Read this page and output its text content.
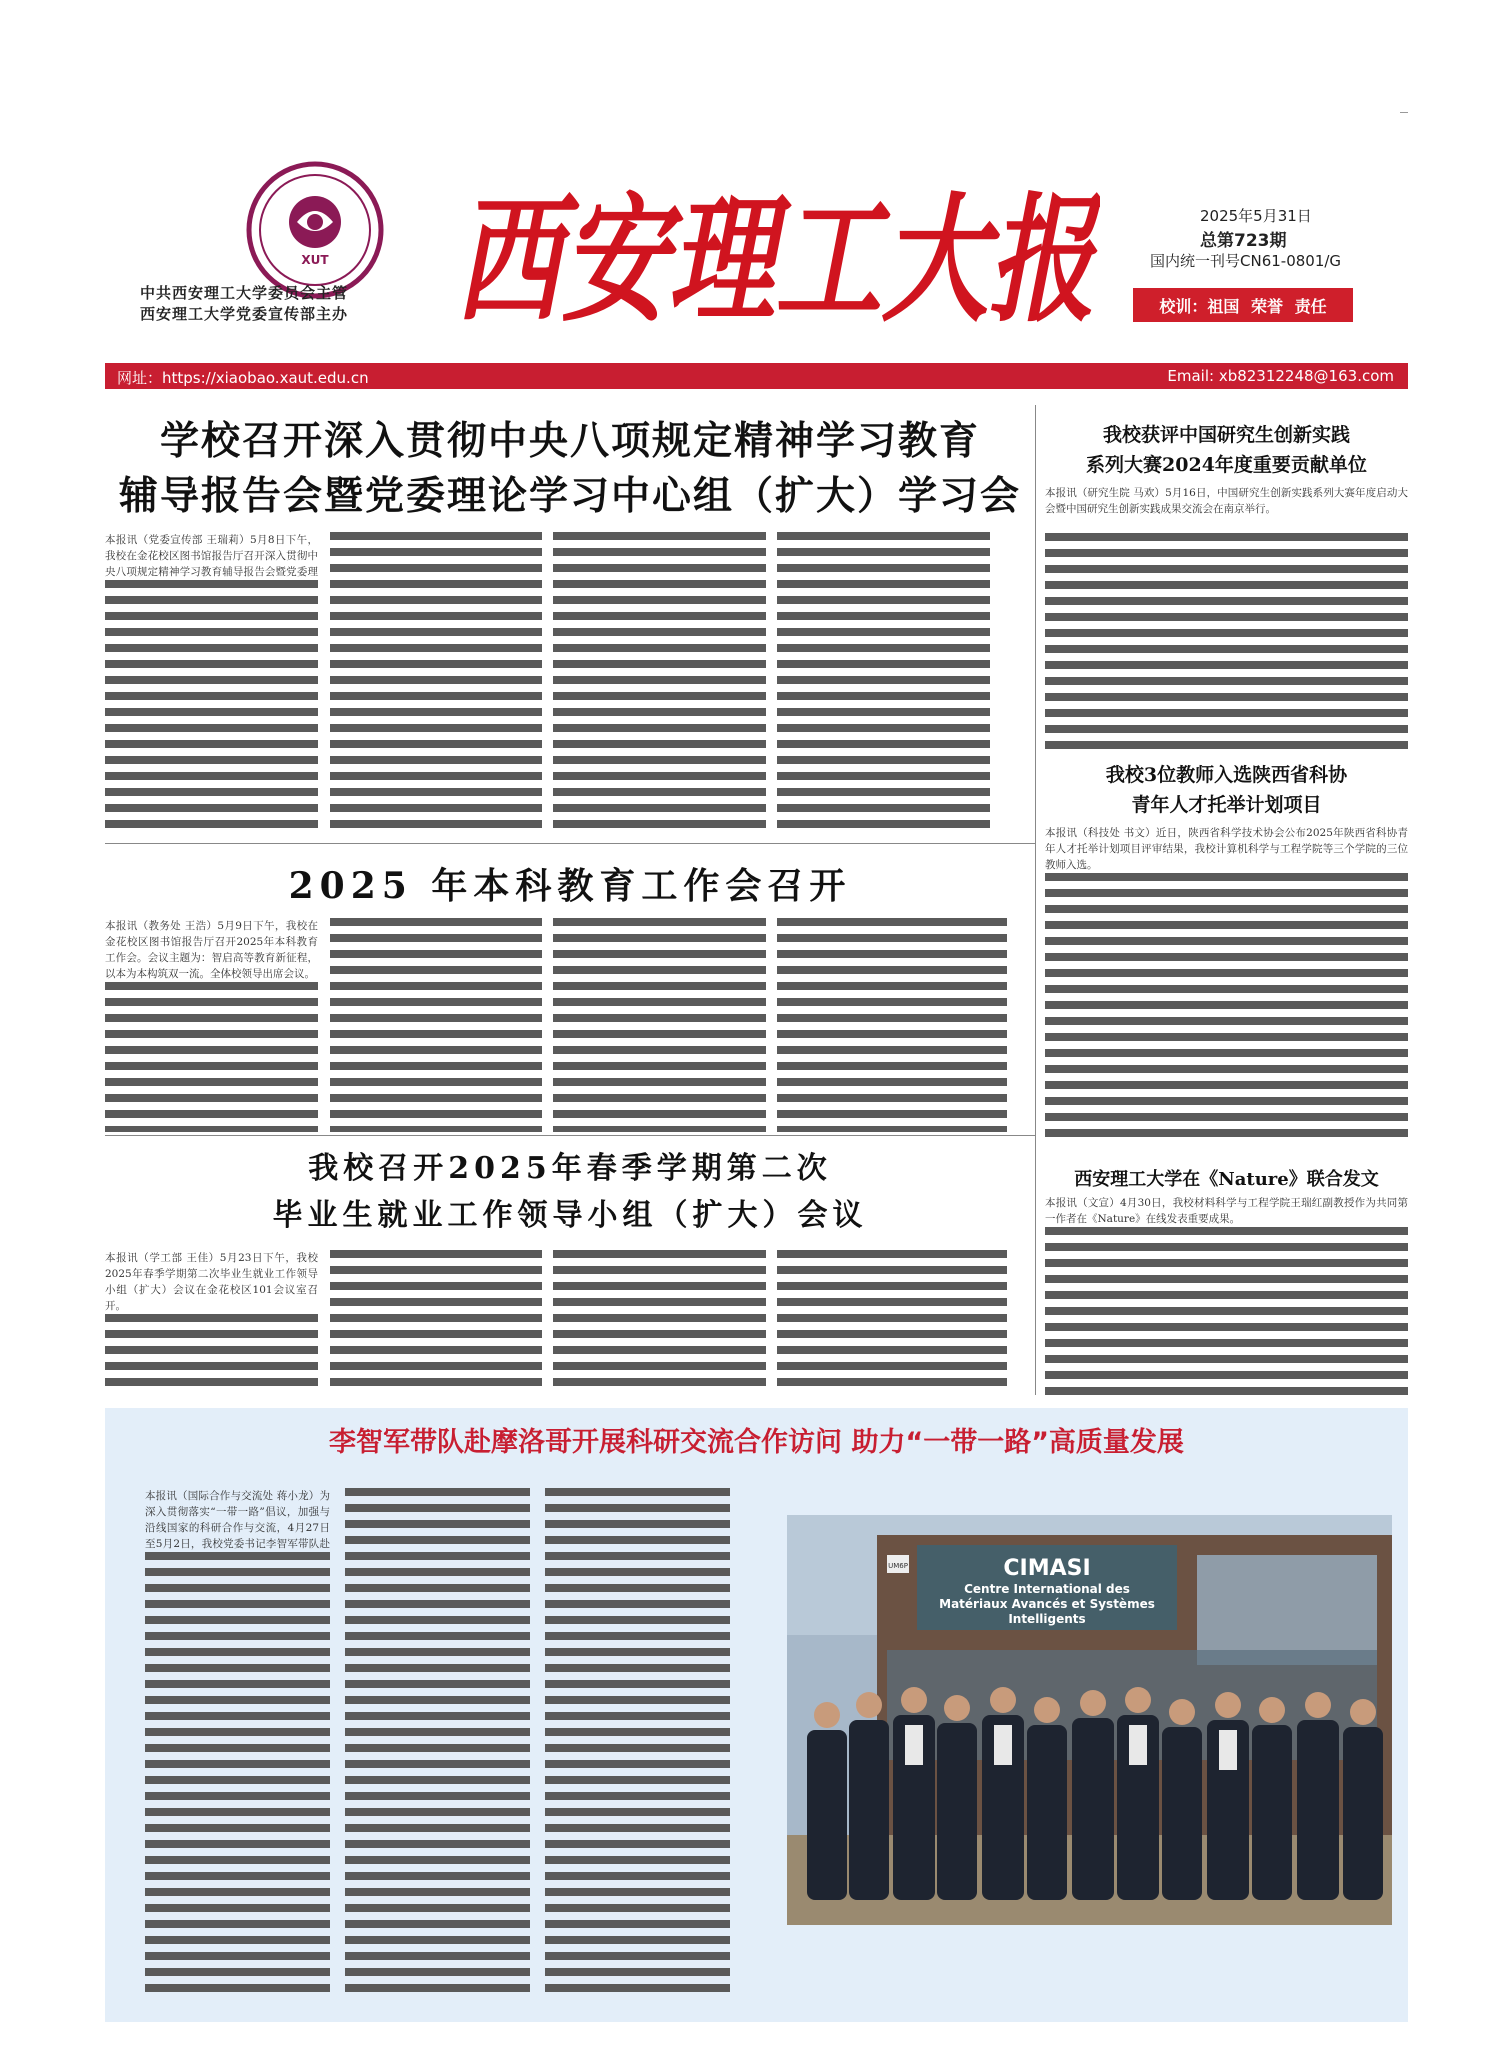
XUT
中共西安理工大学委员会主管
西安理工大学党委宣传部主办 西安理工大报	2025年5月31日
总第723期
国内统一刊号CN61-0801/G
校训：祖国 荣誉 责任
网址：https://xiaobao.xaut.edu.cn	Email: xb82312248@163.com
学校召开深入贯彻中央八项规定精神学习教育
辅导报告会暨党委理论学习中心组（扩大）学习会
本报讯（党委宣传部 王瑞莉）5月8日下午，我校在金花校区图书馆报告厅召开深入贯彻中央八项规定精神学习教育辅导报告会暨党委理
2025 年本科教育工作会召开
本报讯（教务处 王浩）5月9日下午，我校在金花校区图书馆报告厅召开2025年本科教育工作会。会议主题为：智启高等教育新征程，以本为本构筑双一流。全体校领导出席会议。
我校召开2025年春季学期第二次
毕业生就业工作领导小组（扩大）会议
本报讯（学工部 王佳）5月23日下午，我校2025年春季学期第二次毕业生就业工作领导小组（扩大）会议在金花校区101会议室召开。
我校获评中国研究生创新实践
系列大赛2024年度重要贡献单位
本报讯（研究生院 马欢）5月16日，中国研究生创新实践系列大赛年度启动大会暨中国研究生创新实践成果交流会在南京举行。
我校3位教师入选陕西省科协
青年人才托举计划项目
本报讯（科技处 书文）近日，陕西省科学技术协会公布2025年陕西省科协青年人才托举计划项目评审结果，我校计算机科学与工程学院等三个学院的三位教师入选。
西安理工大学在《Nature》联合发文
本报讯（文宣）4月30日，我校材料科学与工程学院王瑞红副教授作为共同第一作者在《Nature》在线发表重要成果。
李智军带队赴摩洛哥开展科研交流合作访问 助力“一带一路”高质量发展
本报讯（国际合作与交流处 蒋小龙）为深入贯彻落实“一带一路”倡议，加强与沿线国家的科研合作与交流，4月27日至5月2日，我校党委书记李智军带队赴
CIMASI
Centre International des
Matériaux Avancés et Systèmes
Intelligents
UM6P
